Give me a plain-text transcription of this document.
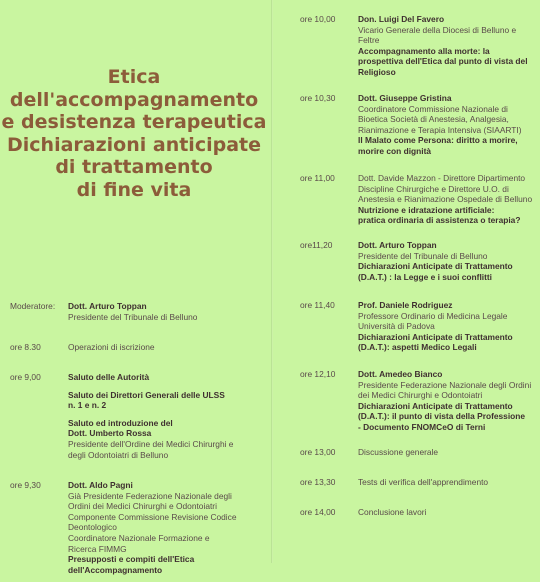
Etica
dell'accompagnamento
e desistenza terapeutica
Dichiarazioni anticipate
di trattamento
di fine vita
Moderatore: Dott. Arturo Toppan
Presidente del Tribunale di Belluno
ore 8.30	Operazioni di iscrizione
ore 9,00	Saluto delle Autorità
Saluto dei Direttori Generali delle ULSS
n. 1 e n. 2
Saluto ed introduzione del
Dott. Umberto Rossa
Presidente dell'Ordine dei Medici Chirurghi e
degli Odontoiatri di Belluno
ore 9,30	Dott. Aldo Pagni
Già Presidente Federazione Nazionale degli
Ordini dei Medici Chirurghi e Odontoiatri
Componente Commissione Revisione Codice
Deontologico
Coordinatore Nazionale Formazione e
Ricerca FIMMG
Presupposti e compiti dell'Etica
dell'Accompagnamento
ore 10,00	Don. Luigi Del Favero
Vicario Generale della Diocesi di Belluno e
Feltre
Accompagnamento alla morte: la
prospettiva dell'Etica dal punto di vista del
Religioso
ore 10,30	Dott. Giuseppe Gristina
Coordinatore Commissione Nazionale di
Bioetica Società di Anestesia, Analgesia,
Rianimazione e Terapia Intensiva (SIAARTI)
Il Malato come Persona: diritto a morire,
morire con dignità
ore 11,00	Dott. Davide Mazzon - Direttore Dipartimento
Discipline Chirurgiche e Direttore U.O. di
Anestesia e Rianimazione Ospedale di Belluno
Nutrizione e idratazione artificiale:
pratica ordinaria di assistenza o terapia?
ore11,20	Dott. Arturo Toppan
Presidente del Tribunale di Belluno
Dichiarazioni Anticipate di Trattamento
(D.A.T.) : la Legge e i suoi conflitti
ore 11,40	Prof. Daniele Rodriguez
Professore Ordinario di Medicina Legale
Università di Padova
Dichiarazioni Anticipate di Trattamento
(D.A.T.): aspetti Medico Legali
ore 12,10	Dott. Amedeo Bianco
Presidente Federazione Nazionale degli Ordini
dei Medici Chirurghi e Odontoiatri
Dichiarazioni Anticipate di Trattamento
(D.A.T.): il punto di vista della Professione
- Documento FNOMCeO di Terni
ore 13,00	Discussione generale
ore 13,30	Tests di verifica dell'apprendimento
ore 14,00	Conclusione lavori
